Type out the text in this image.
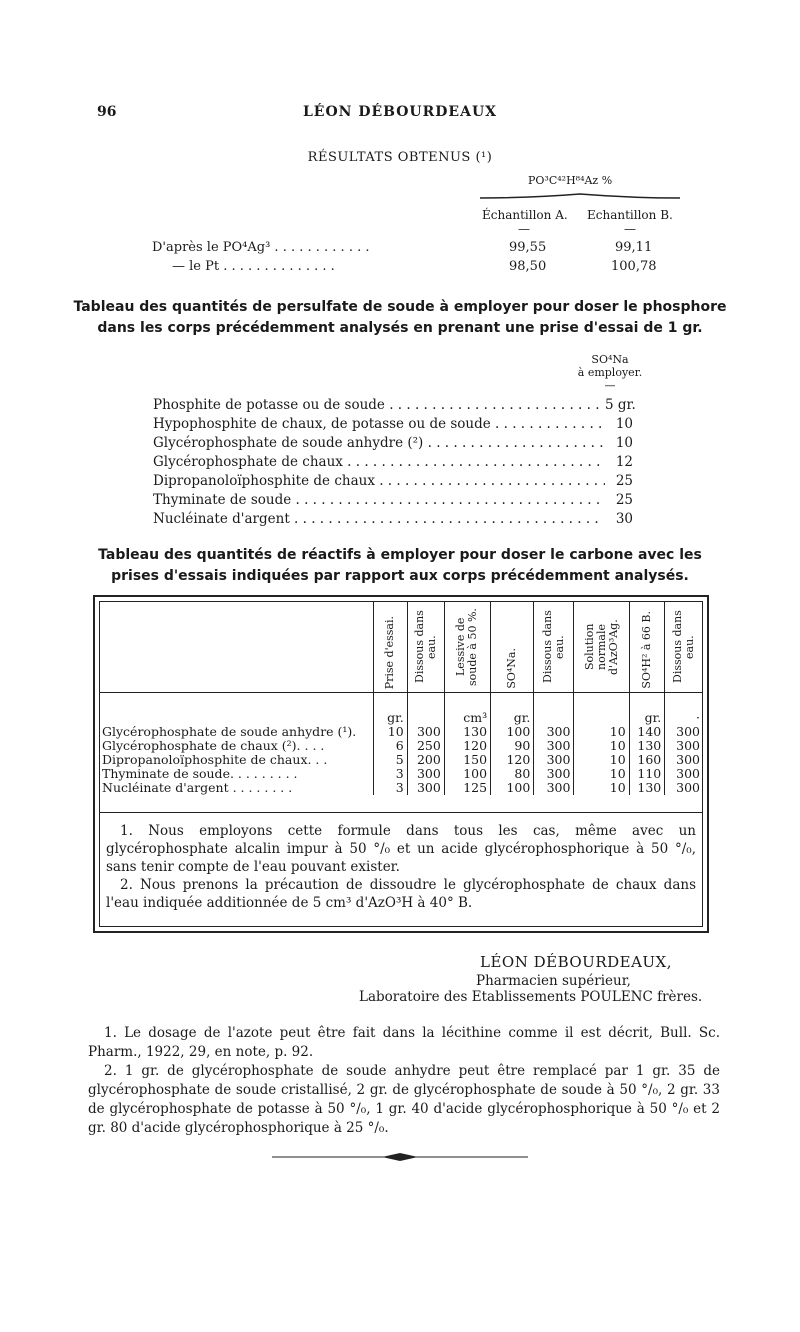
96	LÉON DÉBOURDEAUX
RÉSULTATS OBTENUS (¹)
PO³C⁴²H⁸⁴Az %
Échantillon A. Echantillon B.
—	—
D'après le PO⁴Ag³ . . . . . . . . . . . .	99,55	99,11
— le Pt . . . . . . . . . . . . . .	98,50	100,78
Tableau des quantités de persulfate de soude à employer pour doser le phosphore
dans les corps précédemment analysés en prenant une prise d'essai de 1 gr.
SO⁴Na
à employer.
—
Phosphite de potasse ou de soude . . .	5 gr.
Hypophosphite de chaux, de potasse ou de soude . . .	10
Glycérophosphate de soude anhydre (²) . . .	10
Glycérophosphate de chaux . . .	12
Dipropanoloïphosphite de chaux . . .	25
Thyminate de soude . . .	25
Nucléinate d'argent . . .	30
Tableau des quantités de réactifs à employer pour doser le carbone avec les
prises d'essais indiquées par rapport aux corps précédemment analysés.
	Prise d'essai.	Dissous dans eau.	Lessive de soude à 50 %.	SO⁴Na.	Dissous dans eau.	Solution normale d'AzO³Ag.	SO⁴H² à 66 B.	Dissous dans eau.
	gr.		cm³	gr.			gr.	·
Glycérophosphate de soude anhydre (¹).	10	300	130	100	300	10	140	300
Glycérophosphate de chaux (²). . . .	6	250	120	90	300	10	130	300
Dipropanoloïphosphite de chaux. . .	5	200	150	120	300	10	160	300
Thyminate de soude. . . . . . . . .	3	300	100	80	300	10	110	300
Nucléinate d'argent . . . . . . . .	3	300	125	100	300	10	130	300

1. Nous employons cette formule dans tous les cas, même avec un glycérophosphate alcalin impur à 50 °/₀ et un acide glycérophosphorique à 50 °/₀, sans tenir compte de l'eau pouvant exister.

2. Nous prenons la précaution de dissoudre le glycérophosphate de chaux dans l'eau indiquée additionnée de 5 cm³ d'AzO³H à 40° B.

LÉON DÉBOURDEAUX,
Pharmacien supérieur,
Laboratoire des Etablissements POULENC frères.

1. Le dosage de l'azote peut être fait dans la lécithine comme il est décrit, Bull. Sc. Pharm., 1922, 29, en note, p. 92.

2. 1 gr. de glycérophosphate de soude anhydre peut être remplacé par 1 gr. 35 de glycérophosphate de soude cristallisé, 2 gr. de glycérophosphate de soude à 50 °/₀, 2 gr. 33 de glycérophosphate de potasse à 50 °/₀, 1 gr. 40 d'acide glycérophosphorique à 50 °/₀ et 2 gr. 80 d'acide glycérophosphorique à 25 °/₀.
